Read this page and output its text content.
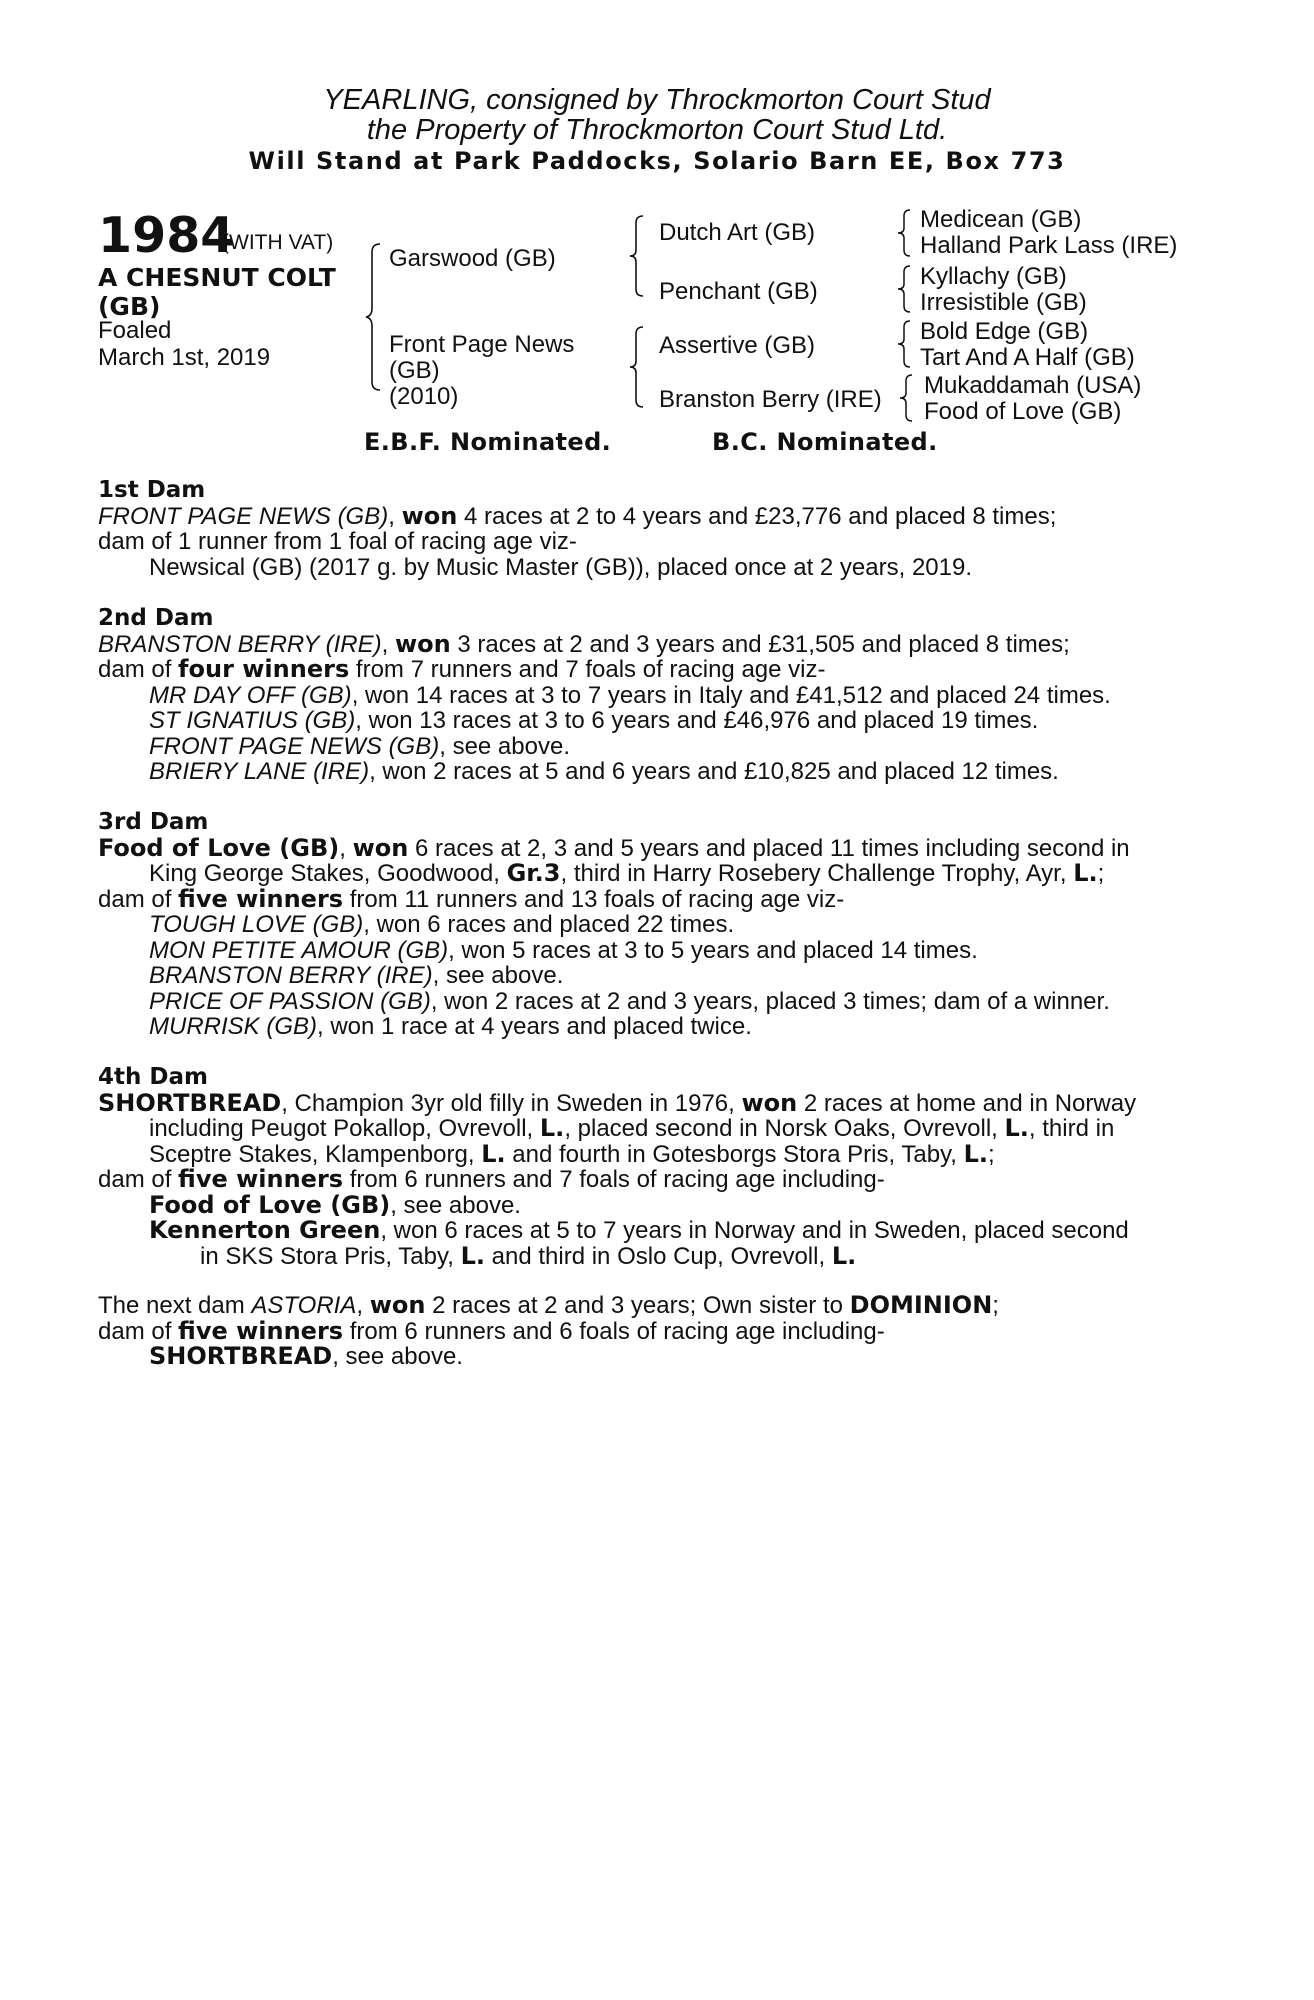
YEARLING, consigned by Throckmorton Court Stud
the Property of Throckmorton Court Stud Ltd.
Will Stand at Park Paddocks, Solario Barn EE, Box 773
1984
(WITH VAT)
A CHESNUT COLT (GB)
Foaled
March 1st, 2019
Garswood (GB)
Front Page News
(GB)
(2010)
Dutch Art (GB)
Penchant (GB)
Assertive (GB)
Branston Berry (IRE)
Medicean (GB)
Halland Park Lass (IRE)
Kyllachy (GB)
Irresistible (GB)
Bold Edge (GB)
Tart And A Half (GB)
Mukaddamah (USA)
Food of Love (GB)
E.B.F. Nominated.	B.C. Nominated.
1st Dam
FRONT PAGE NEWS (GB), won 4 races at 2 to 4 years and £23,776 and placed 8 times;
dam of 1 runner from 1 foal of racing age viz-
Newsical (GB) (2017 g. by Music Master (GB)), placed once at 2 years, 2019.
2nd Dam
BRANSTON BERRY (IRE), won 3 races at 2 and 3 years and £31,505 and placed 8 times;
dam of four winners from 7 runners and 7 foals of racing age viz-
MR DAY OFF (GB), won 14 races at 3 to 7 years in Italy and £41,512 and placed 24 times.
ST IGNATIUS (GB), won 13 races at 3 to 6 years and £46,976 and placed 19 times.
FRONT PAGE NEWS (GB), see above.
BRIERY LANE (IRE), won 2 races at 5 and 6 years and £10,825 and placed 12 times.
3rd Dam
Food of Love (GB), won 6 races at 2, 3 and 5 years and placed 11 times including second in
King George Stakes, Goodwood, Gr.3, third in Harry Rosebery Challenge Trophy, Ayr, L.;
dam of five winners from 11 runners and 13 foals of racing age viz-
TOUGH LOVE (GB), won 6 races and placed 22 times.
MON PETITE AMOUR (GB), won 5 races at 3 to 5 years and placed 14 times.
BRANSTON BERRY (IRE), see above.
PRICE OF PASSION (GB), won 2 races at 2 and 3 years, placed 3 times; dam of a winner.
MURRISK (GB), won 1 race at 4 years and placed twice.
4th Dam
SHORTBREAD, Champion 3yr old filly in Sweden in 1976, won 2 races at home and in Norway
including Peugot Pokallop, Ovrevoll, L., placed second in Norsk Oaks, Ovrevoll, L., third in
Sceptre Stakes, Klampenborg, L. and fourth in Gotesborgs Stora Pris, Taby, L.;
dam of five winners from 6 runners and 7 foals of racing age including-
Food of Love (GB), see above.
Kennerton Green, won 6 races at 5 to 7 years in Norway and in Sweden, placed second
in SKS Stora Pris, Taby, L. and third in Oslo Cup, Ovrevoll, L.
The next dam ASTORIA, won 2 races at 2 and 3 years; Own sister to DOMINION;
dam of five winners from 6 runners and 6 foals of racing age including-
SHORTBREAD, see above.
